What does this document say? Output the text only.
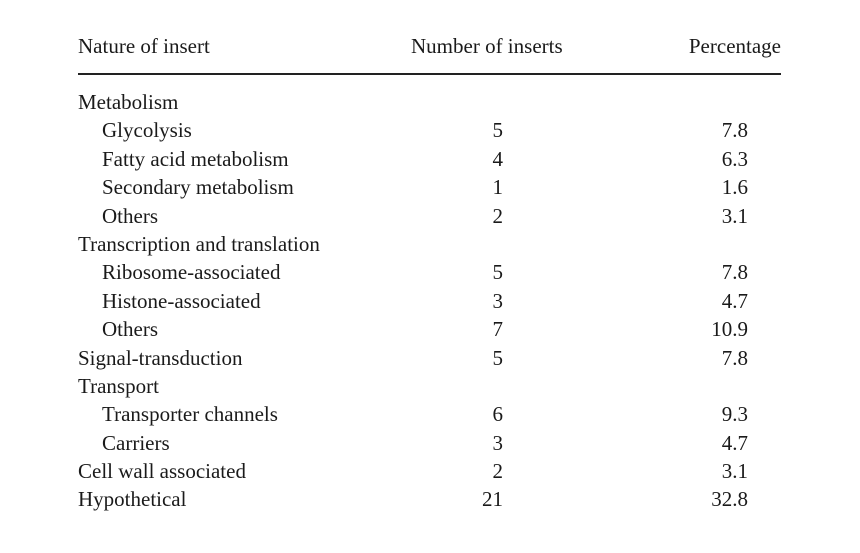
Nature of insert	Number of inserts	Percentage
Metabolism
Glycolysis	5	7.8
Fatty acid metabolism	4	6.3
Secondary metabolism	1	1.6
Others	2	3.1
Transcription and translation
Ribosome-associated	5	7.8
Histone-associated	3	4.7
Others	7	10.9
Signal-transduction	5	7.8
Transport
Transporter channels	6	9.3
Carriers	3	4.7
Cell wall associated	2	3.1
Hypothetical	21	32.8
